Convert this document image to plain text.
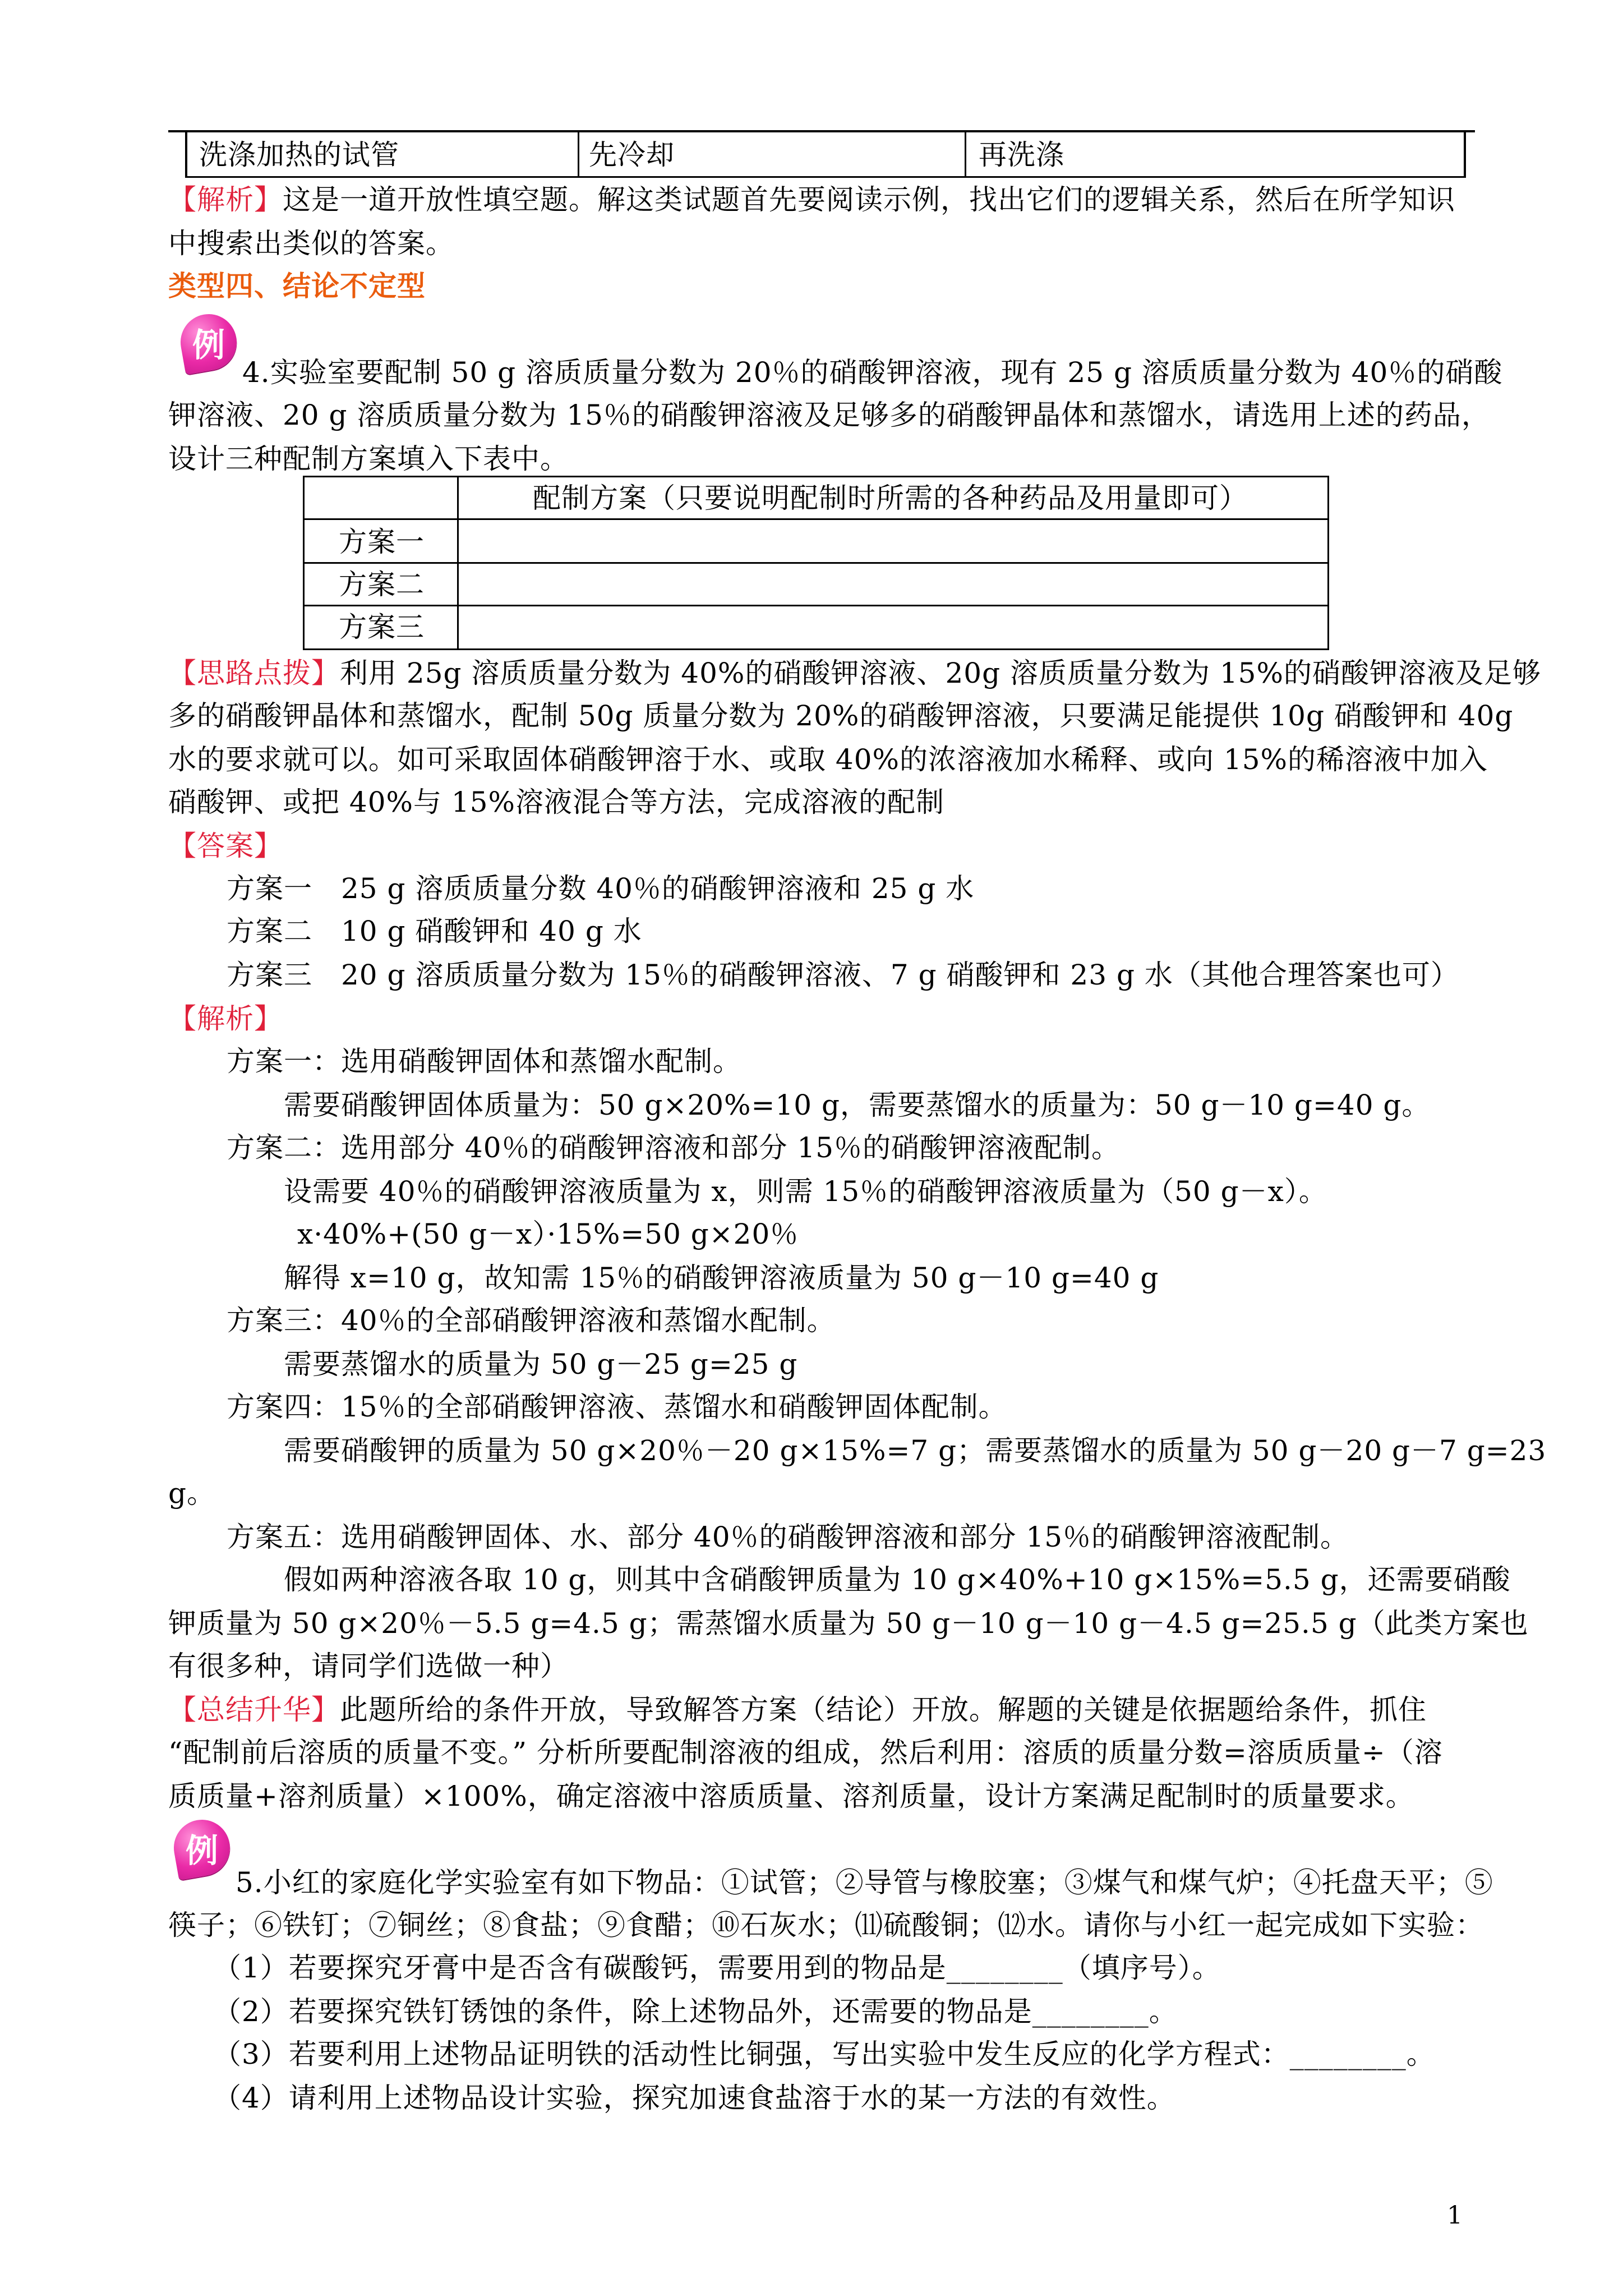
洗涤加热的试管	先冷却	再洗涤
【解析】这是一道开放性填空题。解这类试题首先要阅读示例，找出它们的逻辑关系，然后在所学知识
中搜索出类似的答案。
类型四、结论不定型
例
4.实验室要配制 50 g 溶质质量分数为 20％的硝酸钾溶液，现有 25 g 溶质质量分数为 40％的硝酸
钾溶液、20 g 溶质质量分数为 15％的硝酸钾溶液及足够多的硝酸钾晶体和蒸馏水，请选用上述的药品，
设计三种配制方案填入下表中。
配制方案（只要说明配制时所需的各种药品及用量即可）
方案一
方案二
方案三
【思路点拨】利用 25g 溶质质量分数为 40%的硝酸钾溶液、20g 溶质质量分数为 15%的硝酸钾溶液及足够
多的硝酸钾晶体和蒸馏水，配制 50g 质量分数为 20%的硝酸钾溶液，只要满足能提供 10g 硝酸钾和 40g
水的要求就可以。如可采取固体硝酸钾溶于水、或取 40%的浓溶液加水稀释、或向 15%的稀溶液中加入
硝酸钾、或把 40%与 15%溶液混合等方法，完成溶液的配制
【答案】
方案一　25 g 溶质质量分数 40％的硝酸钾溶液和 25 g 水
方案二　10 g 硝酸钾和 40 g 水
方案三　20 g 溶质质量分数为 15％的硝酸钾溶液、7 g 硝酸钾和 23 g 水（其他合理答案也可）
【解析】
方案一：选用硝酸钾固体和蒸馏水配制。
需要硝酸钾固体质量为：50 g×20%=10 g，需要蒸馏水的质量为：50 g－10 g=40 g。
方案二：选用部分 40％的硝酸钾溶液和部分 15％的硝酸钾溶液配制。
设需要 40％的硝酸钾溶液质量为 x，则需 15％的硝酸钾溶液质量为（50 g－x）。
x·40%+(50 g－x）·15%=50 g×20％
解得 x=10 g，故知需 15％的硝酸钾溶液质量为 50 g－10 g=40 g
方案三：40％的全部硝酸钾溶液和蒸馏水配制。
需要蒸馏水的质量为 50 g－25 g=25 g
方案四：15％的全部硝酸钾溶液、蒸馏水和硝酸钾固体配制。
需要硝酸钾的质量为 50 g×20％－20 g×15%=7 g；需要蒸馏水的质量为 50 g－20 g－7 g=23
g。
方案五：选用硝酸钾固体、水、部分 40％的硝酸钾溶液和部分 15％的硝酸钾溶液配制。
假如两种溶液各取 10 g，则其中含硝酸钾质量为 10 g×40%+10 g×15%=5.5 g，还需要硝酸
钾质量为 50 g×20％－5.5 g=4.5 g；需蒸馏水质量为 50 g－10 g－10 g－4.5 g=25.5 g（此类方案也
有很多种，请同学们选做一种）
【总结升华】此题所给的条件开放，导致解答方案（结论）开放。解题的关键是依据题给条件，抓住
“配制前后溶质的质量不变。” 分析所要配制溶液的组成，然后利用：溶质的质量分数=溶质质量÷（溶
质质量+溶剂质量）×100%，确定溶液中溶质质量、溶剂质量，设计方案满足配制时的质量要求。
例
5.小红的家庭化学实验室有如下物品：①试管；②导管与橡胶塞；③煤气和煤气炉；④托盘天平；⑤
筷子；⑥铁钉；⑦铜丝；⑧食盐；⑨食醋；⑩石灰水；⑾硫酸铜；⑿水。请你与小红一起完成如下实验：
（1）若要探究牙膏中是否含有碳酸钙，需要用到的物品是________（填序号）。
（2）若要探究铁钉锈蚀的条件，除上述物品外，还需要的物品是________。
（3）若要利用上述物品证明铁的活动性比铜强，写出实验中发生反应的化学方程式：________。
（4）请利用上述物品设计实验，探究加速食盐溶于水的某一方法的有效性。
1
